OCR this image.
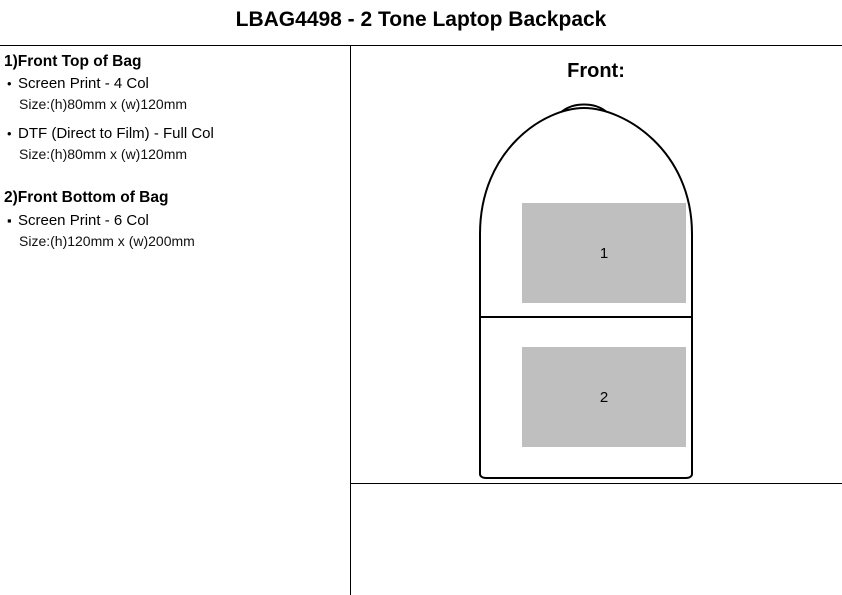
LBAG4498 - 2 Tone Laptop Backpack
1)Front Top of Bag
• Screen Print - 4 Col
Size:(h)80mm x (w)120mm
• DTF (Direct to Film) - Full Col
Size:(h)80mm x (w)120mm
2)Front Bottom of Bag
▪ Screen Print - 6 Col
Size:(h)120mm x (w)200mm
Front:
1
2
